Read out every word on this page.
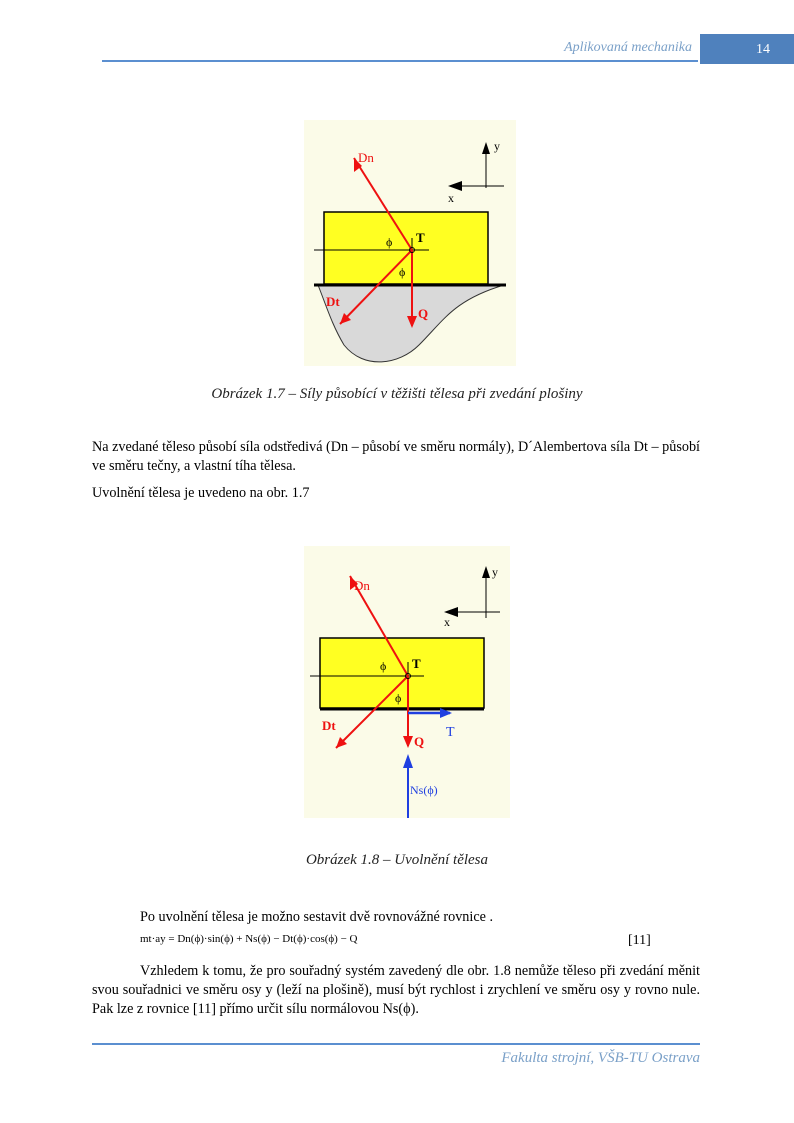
Aplikovaná mechanika	14
Dn
Dt
Q
T
ϕ
ϕ
y
x
Obrázek 1.7 – Síly působící v těžišti tělesa při zvedání plošiny
Na zvedané těleso působí síla odstředivá (Dn – působí ve směru normály), D´Alembertova síla Dt – působí ve směru tečny, a vlastní tíha tělesa.
Uvolnění tělesa je uvedeno na obr. 1.7
Dn
Dt
Q
T
T
Ns(ϕ)
ϕ
ϕ
y
x
Obrázek 1.8 – Uvolnění tělesa
Po uvolnění tělesa je možno sestavit dvě rovnovážné rovnice .
mt·ay = Dn(ϕ)·sin(ϕ) + Ns(ϕ) − Dt(ϕ)·cos(ϕ) − Q	[11]
Vzhledem k tomu, že pro souřadný systém zavedený dle obr. 1.8 nemůže těleso při zvedání měnit svou souřadnici ve směru osy y (leží na plošině), musí být rychlost i zrychlení ve směru osy y rovno nule. Pak lze z rovnice [11] přímo určit sílu normálovou Ns(ϕ).
Fakulta strojní, VŠB-TU Ostrava
